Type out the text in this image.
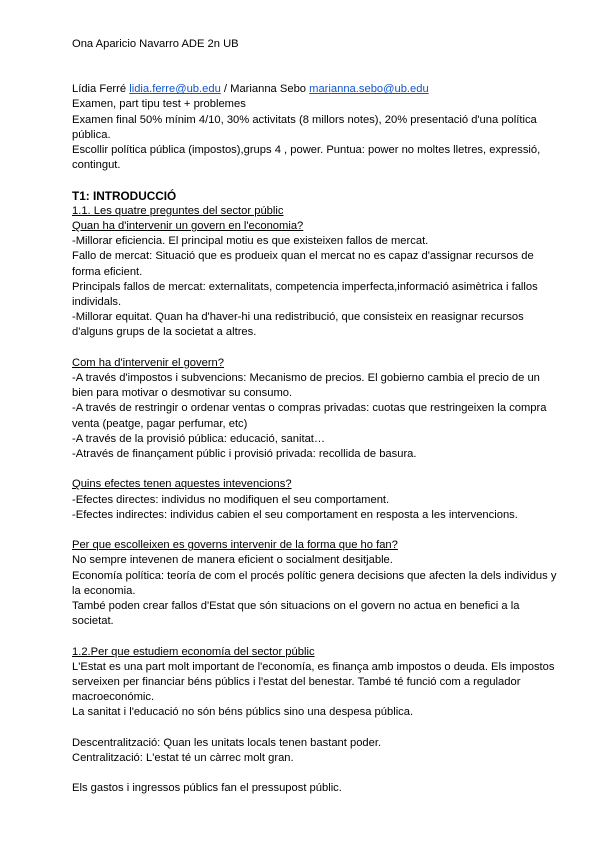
Ona Aparicio Navarro ADE 2n UB

Lídia Ferré lidia.ferre@ub.edu / Marianna Sebo marianna.sebo@ub.edu

Examen, part tipu test + problemes

Examen final 50% mínim 4/10, 30% activitats (8 millors notes), 20% presentació d'una política pública.

Escollir política pública (impostos),grups 4 , power. Puntua: power no moltes lletres, expressió, contingut.

T1: INTRODUCCIÓ

1.1. Les quatre preguntes del sector públic

Quan ha d'intervenir un govern en l'economia?

-Millorar eficiencia. El principal motiu es que existeixen fallos de mercat.

Fallo de mercat: Situació que es produeix quan el mercat no es capaz d'assignar recursos de forma eficient.

Principals fallos de mercat: externalitats, competencia imperfecta,informació asimètrica i fallos individals.

-Millorar equitat. Quan ha d'haver-hi una redistribució, que consisteix en reasignar recursos d'alguns grups de la societat a altres.

Com ha d'intervenir el govern?

-A través d'impostos i subvencions: Mecanismo de precios. El gobierno cambia el precio de un bien para motivar o desmotivar su consumo.

-A través de restringir o ordenar ventas o compras privadas: cuotas que restringeixen la compra venta (peatge, pagar perfumar, etc)

-A través de la provisió pública: educació, sanitat…

-Através de finançament públic i provisió privada: recollida de basura.

Quins efectes tenen aquestes intevencions?

-Efectes directes: individus no modifiquen el seu comportament.

-Efectes indirectes: individus cabien el seu comportament en resposta a les intervencions.

Per que escolleixen es governs intervenir de la forma que ho fan?

No sempre intevenen de manera eficient o socialment desitjable.

Economía política: teoría de com el procés polític genera decisions que afecten la dels individus y la economia.

També poden crear fallos d'Estat que són situacions on el govern no actua en benefici a la societat.

1.2.Per que estudiem economía del sector públic

L'Estat es una part molt important de l'economía, es finança amb impostos o deuda. Els impostos serveixen per financiar béns públics i l'estat del benestar. També té funció com a regulador macroeconómic.

La sanitat i l'educació no són béns públics sino una despesa pública.

Descentralització: Quan les unitats locals tenen bastant poder.

Centralització: L'estat té un càrrec molt gran.

Els gastos i ingressos públics fan el pressupost públic.
